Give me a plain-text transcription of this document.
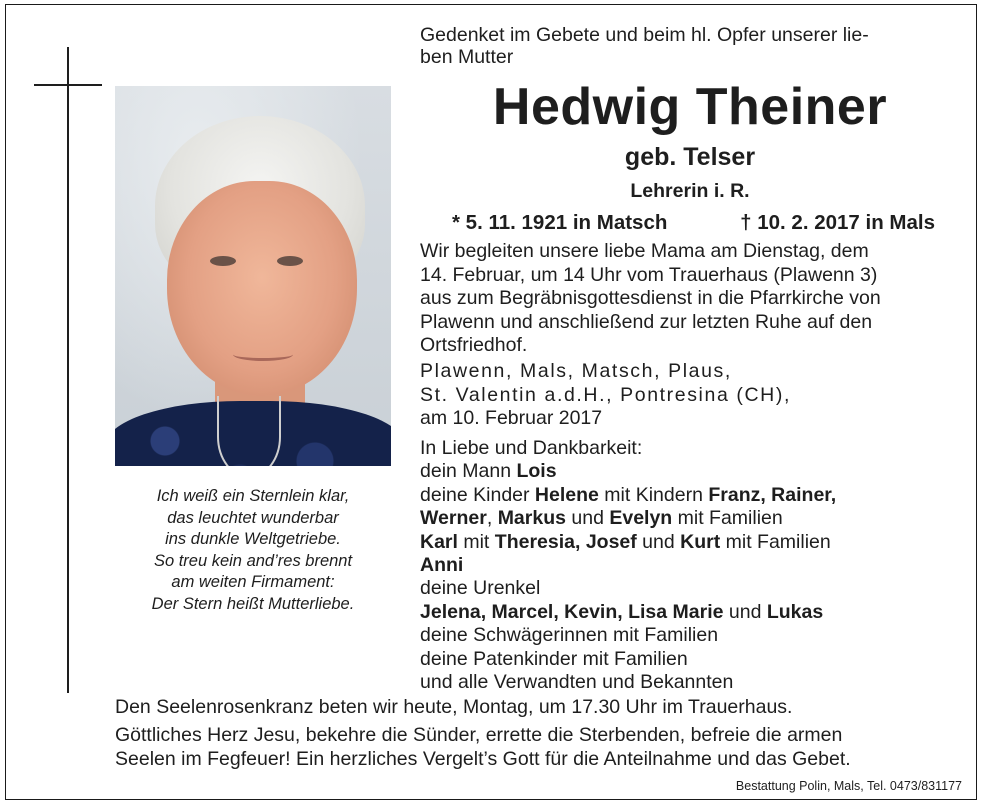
Ich weiß ein Sternlein klar,
das leuchtet wunderbar
ins dunkle Weltgetriebe.
So treu kein and’res brennt
am weiten Firmament:
Der Stern heißt Mutterliebe.

Gedenket im Gebete und beim hl. Opfer unserer lie-
ben Mutter

Hedwig Theiner

geb. Telser

Lehrerin i. R.

* 5. 11. 1921 in Matsch	† 10. 2. 2017 in Mals

Wir begleiten unsere liebe Mama am Dienstag, dem
14. Februar, um 14 Uhr vom Trauerhaus (Plawenn 3)
aus zum Begräbnisgottesdienst in die Pfarrkirche von
Plawenn und anschließend zur letzten Ruhe auf den
Ortsfriedhof.

Plawenn, Mals, Matsch, Plaus,
St. Valentin a.d.H., Pontresina (CH),
am 10. Februar 2017

In Liebe und Dankbarkeit:
dein Mann Lois
deine Kinder Helene mit Kindern Franz, Rainer,
Werner, Markus und Evelyn mit Familien
Karl mit Theresia, Josef und Kurt mit Familien
Anni
deine Urenkel
Jelena, Marcel, Kevin, Lisa Marie und Lukas
deine Schwägerinnen mit Familien
deine Patenkinder mit Familien
und alle Verwandten und Bekannten

Den Seelenrosenkranz beten wir heute, Montag, um 17.30 Uhr im Trauerhaus.

Göttliches Herz Jesu, bekehre die Sünder, errette die Sterbenden, befreie die armen
Seelen im Fegfeuer! Ein herzliches Vergelt’s Gott für die Anteilnahme und das Gebet.

Bestattung Polin, Mals, Tel. 0473/831177
